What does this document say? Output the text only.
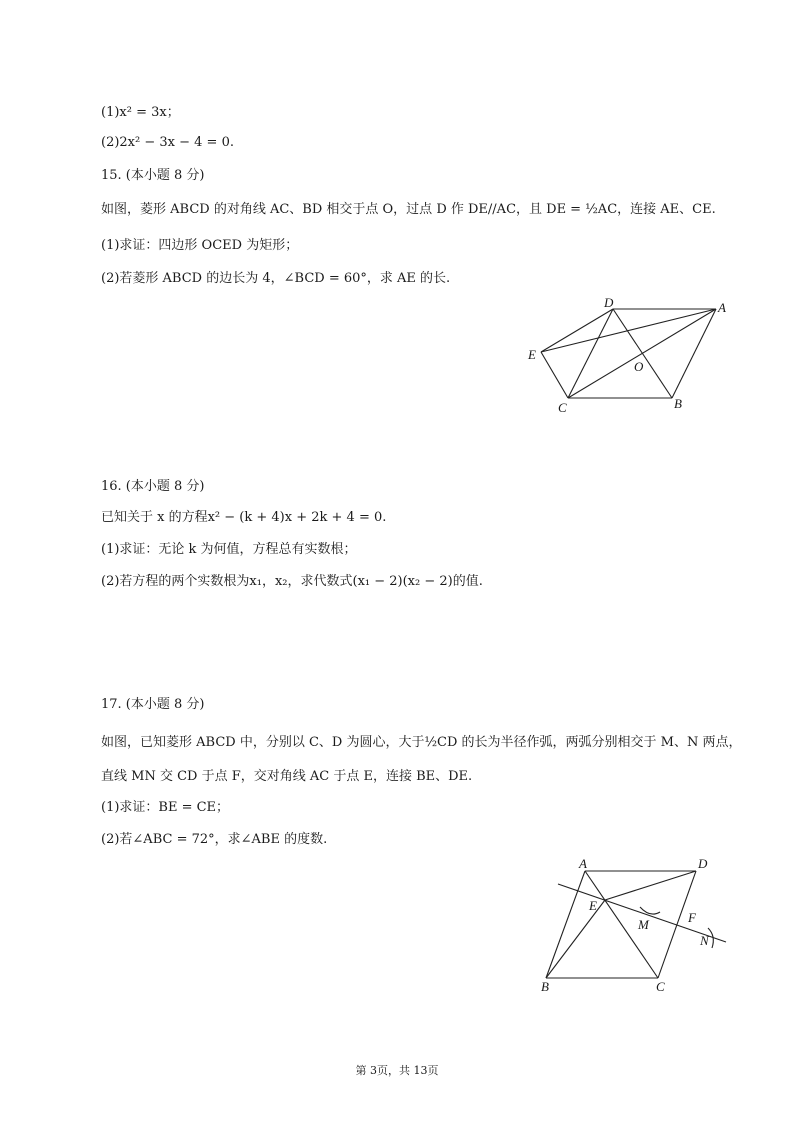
(1)x² = 3x；
(2)2x² − 3x − 4 = 0.
15. (本小题 8 分)
如图，菱形 ABCD 的对角线 AC、BD 相交于点 O，过点 D 作 DE//AC，且 DE = ½AC，连接 AE、CE.
(1)求证：四边形 OCED 为矩形；
(2)若菱形 ABCD 的边长为 4，∠BCD = 60°，求 AE 的长.
D	A
E
O
C	B
16. (本小题 8 分)
已知关于 x 的方程x² − (k + 4)x + 2k + 4 = 0.
(1)求证：无论 k 为何值，方程总有实数根；
(2)若方程的两个实数根为x₁，x₂，求代数式(x₁ − 2)(x₂ − 2)的值.
17. (本小题 8 分)
如图，已知菱形 ABCD 中，分别以 C、D 为圆心，大于½CD 的长为半径作弧，两弧分别相交于 M、N 两点，
直线 MN 交 CD 于点 F，交对角线 AC 于点 E，连接 BE、DE.
(1)求证：BE = CE；
(2)若∠ABC = 72°，求∠ABE 的度数.
A	D
E
M	F
N
B	C
第 3页，共 13页
